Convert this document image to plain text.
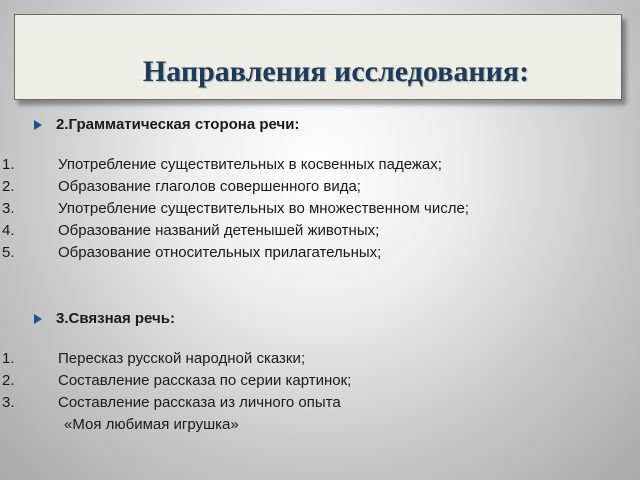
Направления исследования:
2.Грамматическая сторона речи:
1.	Употребление существительных в косвенных падежах;
2.	Образование глаголов совершенного вида;
3.	Употребление существительных во множественном числе;
4.	Образование названий детенышей животных;
5.	Образование относительных прилагательных;
3.Связная речь:
1.	Пересказ русской народной сказки;
2.	Составление рассказа по серии картинок;
3.	Составление рассказа из личного опыта
«Моя любимая игрушка»
